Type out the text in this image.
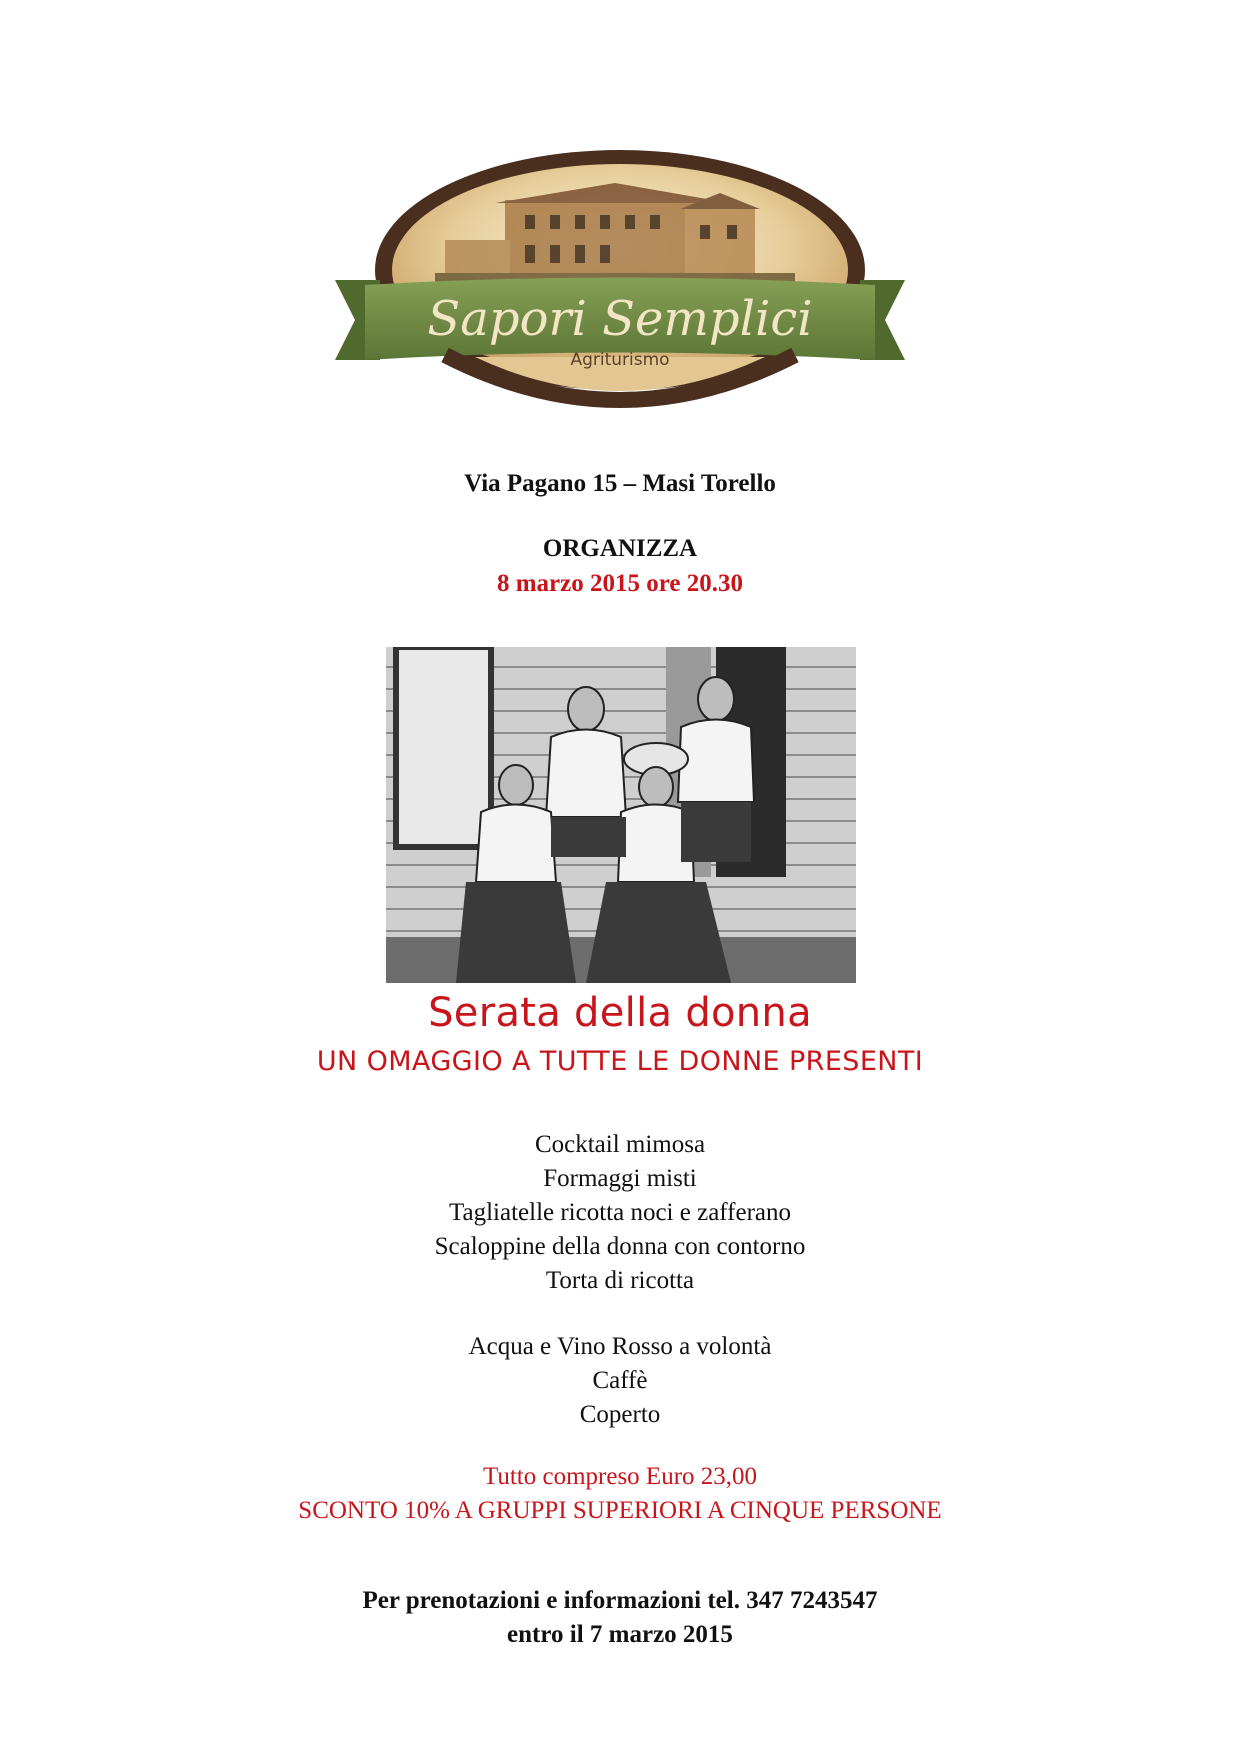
Sapori Semplici
Agriturismo
Via Pagano 15 – Masi Torello
ORGANIZZA
8 marzo 2015 ore 20.30
Serata della donna
UN OMAGGIO A TUTTE LE DONNE PRESENTI
Cocktail mimosa
Formaggi misti
Tagliatelle ricotta noci e zafferano
Scaloppine della donna con contorno
Torta di ricotta
Acqua e Vino Rosso a volontà
Caffè
Coperto
Tutto compreso Euro 23,00
SCONTO 10% A GRUPPI SUPERIORI A CINQUE PERSONE
Per prenotazioni e informazioni tel. 347 7243547
entro il 7 marzo 2015
